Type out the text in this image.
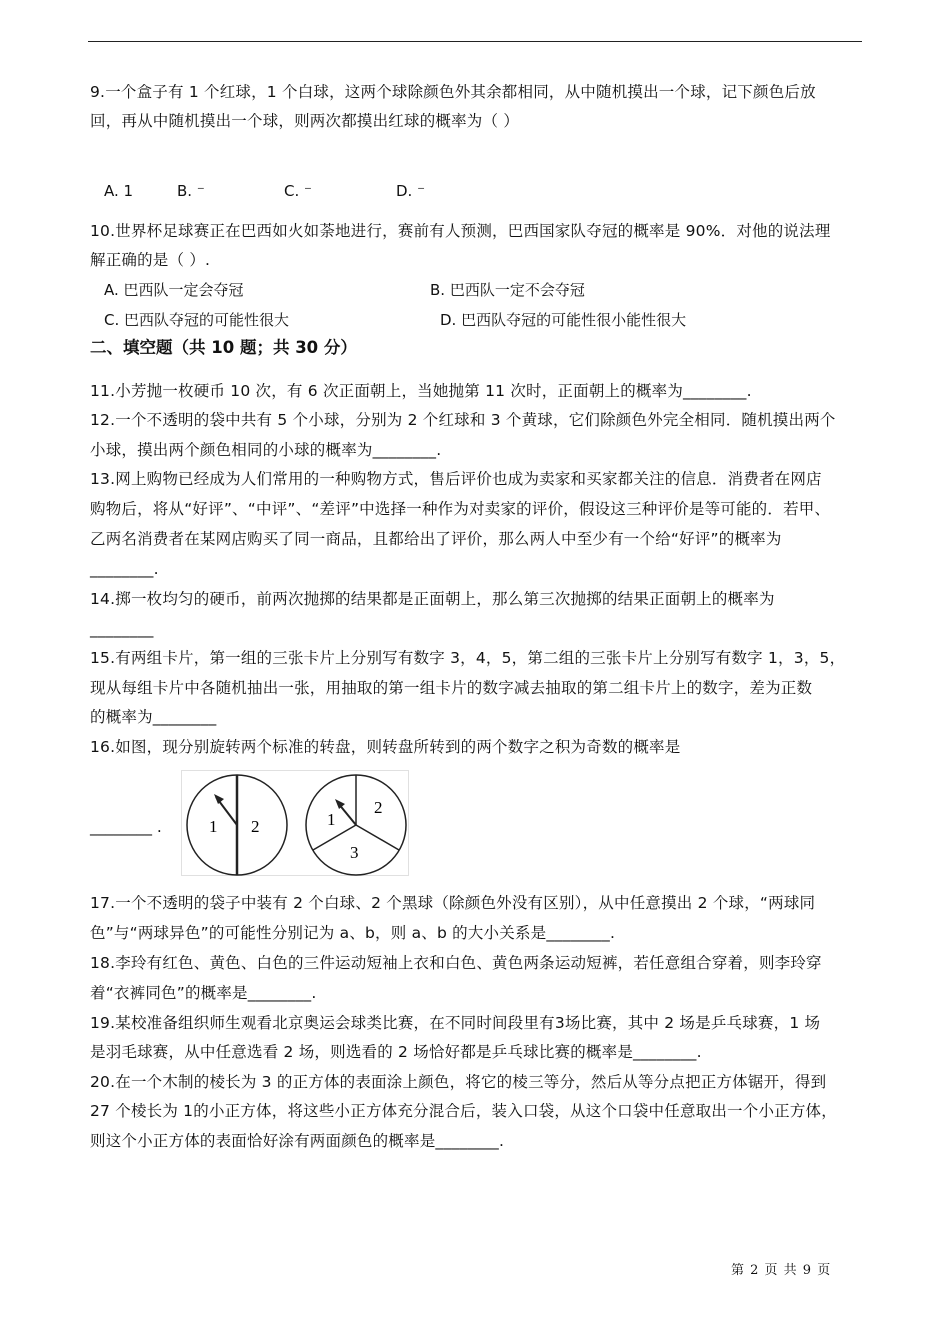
9.一个盒子有 1 个红球，1 个白球，这两个球除颜色外其余都相同，从中随机摸出一个球，记下颜色后放
回，再从中随机摸出一个球，则两次都摸出红球的概率为（ ）
A. 1	B. ⁻	C. ⁻	D. ⁻
10.世界杯足球赛正在巴西如火如荼地进行，赛前有人预测，巴西国家队夺冠的概率是 90%．对他的说法理
解正确的是（ ）.
A. 巴西队一定会夺冠	B. 巴西队一定不会夺冠
C. 巴西队夺冠的可能性很大	D. 巴西队夺冠的可能性很小能性很大
二、填空题（共 10 题；共 30 分）
11.小芳抛一枚硬币 10 次，有 6 次正面朝上，当她抛第 11 次时，正面朝上的概率为________.
12.一个不透明的袋中共有 5 个小球，分别为 2 个红球和 3 个黄球，它们除颜色外完全相同．随机摸出两个
小球，摸出两个颜色相同的小球的概率为________.
13.网上购物已经成为人们常用的一种购物方式，售后评价也成为卖家和买家都关注的信息．消费者在网店
购物后，将从“好评”、“中评”、“差评”中选择一种作为对卖家的评价，假设这三种评价是等可能的．若甲、
乙两名消费者在某网店购买了同一商品，且都给出了评价，那么两人中至少有一个给“好评”的概率为
________.
14.掷一枚均匀的硬币，前两次抛掷的结果都是正面朝上，那么第三次抛掷的结果正面朝上的概率为
________
15.有两组卡片，第一组的三张卡片上分别写有数字 3，4，5，第二组的三张卡片上分别写有数字 1，3，5，
现从每组卡片中各随机抽出一张，用抽取的第一组卡片的数字减去抽取的第二组卡片上的数字，差为正数
的概率为________
16.如图，现分别旋转两个标准的转盘，则转盘所转到的两个数字之积为奇数的概率是
________ .	1 2	1
2
3
17.一个不透明的袋子中装有 2 个白球、2 个黑球（除颜色外没有区别），从中任意摸出 2 个球，“两球同
色”与“两球异色”的可能性分别记为 a、b，则 a、b 的大小关系是________.
18.李玲有红色、黄色、白色的三件运动短袖上衣和白色、黄色两条运动短裤，若任意组合穿着，则李玲穿
着“衣裤同色”的概率是________.
19.某校准备组织师生观看北京奥运会球类比赛，在不同时间段里有3场比赛，其中 2 场是乒乓球赛，1 场
是羽毛球赛，从中任意选看 2 场，则选看的 2 场恰好都是乒乓球比赛的概率是________.
20.在一个木制的棱长为 3 的正方体的表面涂上颜色，将它的棱三等分，然后从等分点把正方体锯开，得到
27 个棱长为 1的小正方体，将这些小正方体充分混合后，装入口袋，从这个口袋中任意取出一个小正方体，
则这个小正方体的表面恰好涂有两面颜色的概率是________.
第 2 页 共 9 页
